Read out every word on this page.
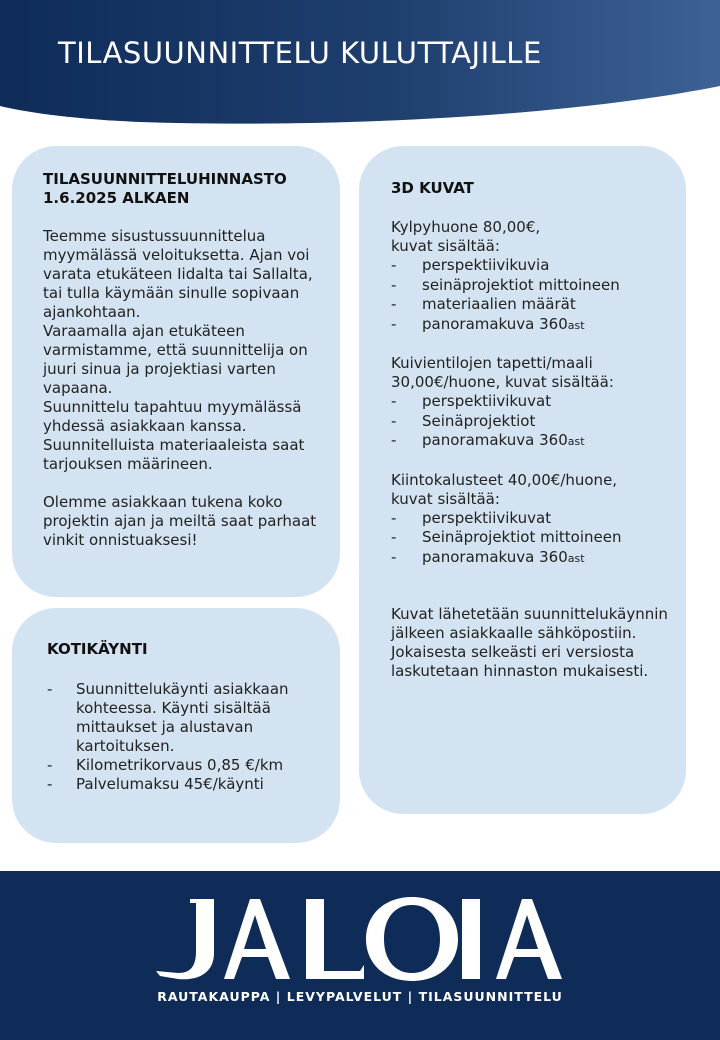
TILASUUNNITTELU KULUTTAJILLE
TILASUUNNITTELUHINNASTO
1.6.2025 ALKAEN
Teemme sisustussuunnittelua myymälässä veloituksetta. Ajan voi varata etukäteen Iidalta tai Sallalta, tai tulla käymään sinulle sopivaan ajankohtaan.
Varaamalla ajan etukäteen varmistamme, että suunnittelija on juuri sinua ja projektiasi varten vapaana.
Suunnittelu tapahtuu myymälässä yhdessä asiakkaan kanssa. Suunnitelluista materiaaleista saat tarjouksen määrineen.
Olemme asiakkaan tukena koko projektin ajan ja meiltä saat parhaat vinkit onnistuaksesi!
KOTIKÄYNTI
-	Suunnittelukäynti asiakkaan kohteessa. Käynti sisältää mittaukset ja alustavan kartoituksen.
-	Kilometrikorvaus 0,85 €/km
-	Palvelumaksu 45€/käynti
3D KUVAT
Kylpyhuone 80,00€,
kuvat sisältää:
-	perspektiivikuvia
-	seinäprojektiot mittoineen
-	materiaalien määrät
-	panoramakuva 360ast
Kuivientilojen tapetti/maali
30,00€/huone, kuvat sisältää:
-	perspektiivikuvat
-	Seinäprojektiot
-	panoramakuva 360ast
Kiintokalusteet 40,00€/huone,
kuvat sisältää:
-	perspektiivikuvat
-	Seinäprojektiot mittoineen
-	panoramakuva 360ast
Kuvat lähetetään suunnittelukäynnin jälkeen asiakkaalle sähköpostiin. Jokaisesta selkeästi eri versiosta laskutetaan hinnaston mukaisesti.
RAUTAKAUPPA | LEVYPALVELUT | TILASUUNNITTELU
